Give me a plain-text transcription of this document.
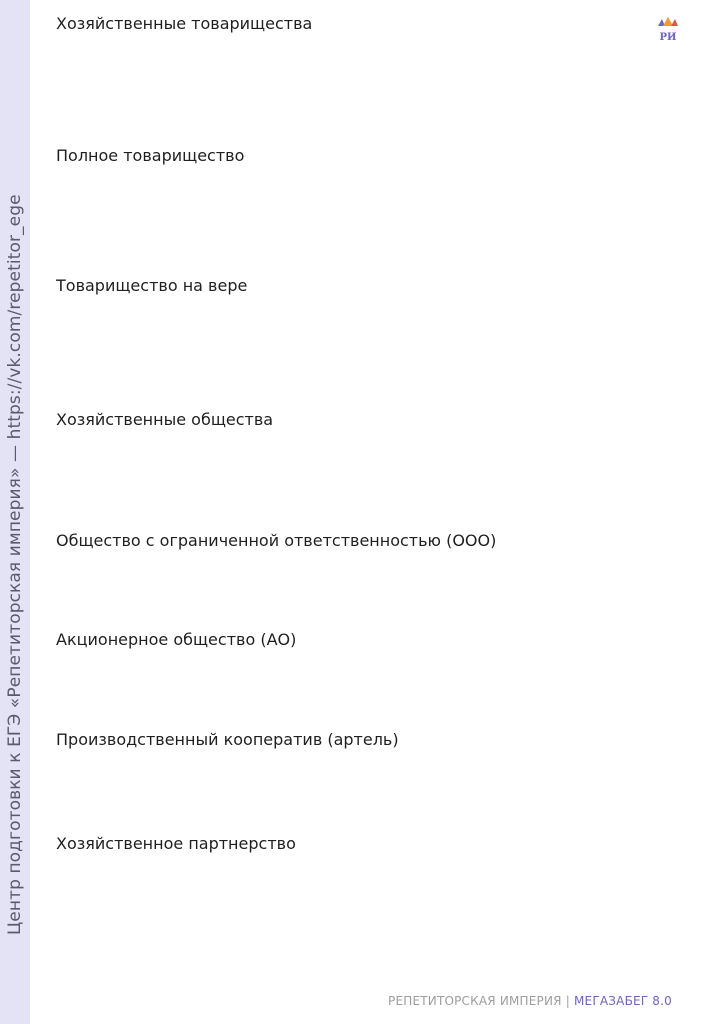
Центр подготовки к ЕГЭ «Репетиторская империя» — https://vk.com/repetitor_ege
РИ
Хозяйственные товарищества
Полное товарищество
Товарищество на вере
Хозяйственные общества
Общество с ограниченной ответственностью (ООО)
Акционерное общество (АО)
Производственный кооператив (артель)
Хозяйственное партнерство
РЕПЕТИТОРСКАЯ ИМПЕРИЯ | МЕГАЗАБЕГ 8.0
